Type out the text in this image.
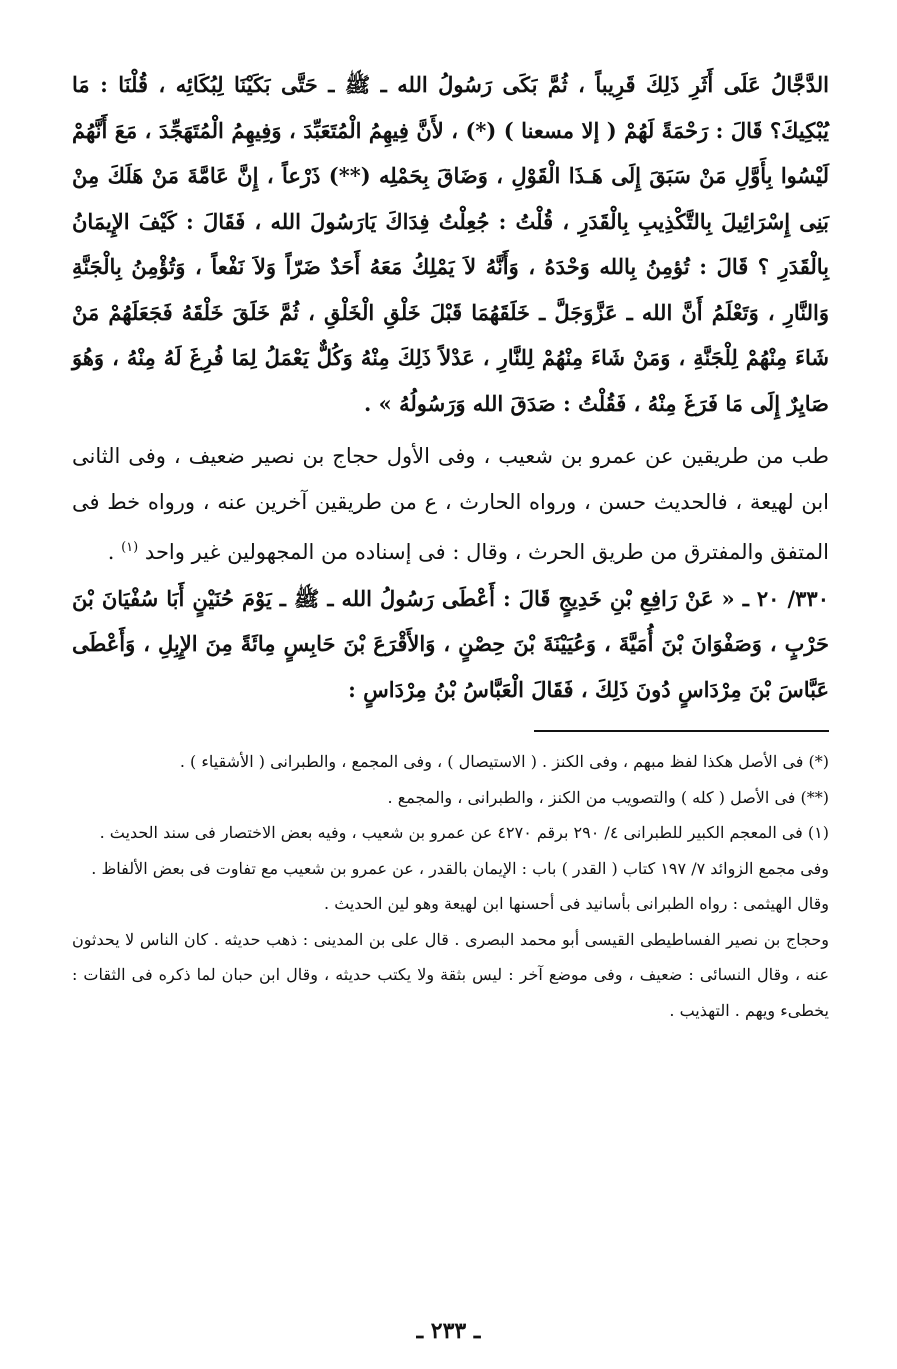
الدَّجَّالُ عَلَى أَثَرِ ذَلِكَ قَرِيباً ، ثُمَّ بَكَى رَسُولُ الله ـ ﷺ ـ حَتَّى بَكَيْنَا لِبُكَائِه ، قُلْنَا : مَا يُبْكِيكَ؟ قَالَ : رَحْمَةً لَهُمْ ( إلا مسعنا ) (*) ، لأَنَّ فِيهِمُ الْمُتَعَبِّدَ ، وَفِيهِمُ الْمُتَهَجِّدَ ، مَعَ أَنَّهُمْ لَيْسُوا بِأَوَّلِ مَنْ سَبَقَ إِلَى هَـذَا الْقَوْلِ ، وَضَاقَ بِحَمْلِه (**) ذَرْعاً ، إِنَّ عَامَّةَ مَنْ هَلَكَ مِنْ بَنِى إِسْرَائِيلَ بِالتَّكْذِيبِ بِالْقَدَرِ ، قُلْتُ : جُعِلْتُ فِدَاكَ يَارَسُولَ الله ، فَقَالَ : كَيْفَ الإِيمَانُ بِالْقَدَرِ ؟ قَالَ : تُؤمِنُ بِالله وَحْدَهُ ، وَأَنَّهُ لاَ يَمْلِكُ مَعَهُ أَحَدٌ ضَرّاً وَلاَ نَفْعاً ، وَتُؤْمِنُ بِالْجَنَّةِ وَالنَّارِ ، وَتَعْلَمُ أَنَّ الله ـ عَزَّوَجَلَّ ـ خَلَقَهُمَا قَبْلَ خَلْقِ الْخَلْقِ ، ثُمَّ خَلَقَ خَلْقَهُ فَجَعَلَهُمْ مَنْ شَاءَ مِنْهُمْ لِلْجَنَّةِ ، وَمَنْ شَاءَ مِنْهُمْ لِلنَّارِ ، عَدْلاً ذَلِكَ مِنْهُ وَكُلٌّ يَعْمَلُ لِمَا فُرِغَ لَهُ مِنْهُ ، وَهُوَ صَايِرٌ إِلَى مَا فَرَغَ مِنْهُ ، فَقُلْتُ : صَدَقَ الله وَرَسُولُهُ » .

طب من طريقين عن عمرو بن شعيب ، وفى الأول حجاج بن نصير ضعيف ، وفى الثانى ابن لهيعة ، فالحديث حسن ، ورواه الحارث ، ع من طريقين آخرين عنه ، ورواه خط فى المتفق والمفترق من طريق الحرث ، وقال : فى إسناده من المجهولين غير واحد $^{(١)}$ .

٣٣٠/ ٢٠ ـ « عَنْ رَافِعِ بْنِ خَدِيجٍ قَالَ : أَعْطَى رَسُولُ الله ـ ﷺ ـ يَوْمَ حُنَيْنٍ أَبَا سُفْيَانَ بْنَ حَرْبٍ ، وَصَفْوَانَ بْنَ أُمَيَّةَ ، وَعُيَيْنَةَ بْنَ حِصْنٍ ، وَالأَقْرَعَ بْنَ حَابِسٍ مِائَةً مِنَ الإِبِلِ ، وَأَعْطَى عَبَّاسَ بْنَ مِرْدَاسٍ دُونَ ذَلِكَ ، فَقَالَ الْعَبَّاسُ بْنُ مِرْدَاسٍ :

(*) فى الأصل هكذا لفظ مبهم ، وفى الكنز . ( الاستيصال ) ، وفى المجمع ، والطبرانى ( الأشقياء ) .

(**) فى الأصل ( كله ) والتصويب من الكنز ، والطبرانى ، والمجمع .

(١) فى المعجم الكبير للطبرانى ٤/ ٢٩٠ برقم ٤٢٧٠ عن عمرو بن شعيب ، وفيه بعض الاختصار فى سند الحديث .

وفى مجمع الزوائد ٧/ ١٩٧ كتاب ( القدر ) باب : الإيمان بالقدر ، عن عمرو بن شعيب مع تفاوت فى بعض الألفاظ .

وقال الهيثمى : رواه الطبرانى بأسانيد فى أحسنها ابن لهيعة وهو لين الحديث .

وحجاج بن نصير الفساطيطى القيسى أبو محمد البصرى . قال على بن المدينى : ذهب حديثه . كان الناس لا يحدثون عنه ، وقال النسائى : ضعيف ، وفى موضع آخر : ليس بثقة ولا يكتب حديثه ، وقال ابن حبان لما ذكره فى الثقات : يخطىء ويهم . التهذيب .

ـ ٢٣٣ ـ
